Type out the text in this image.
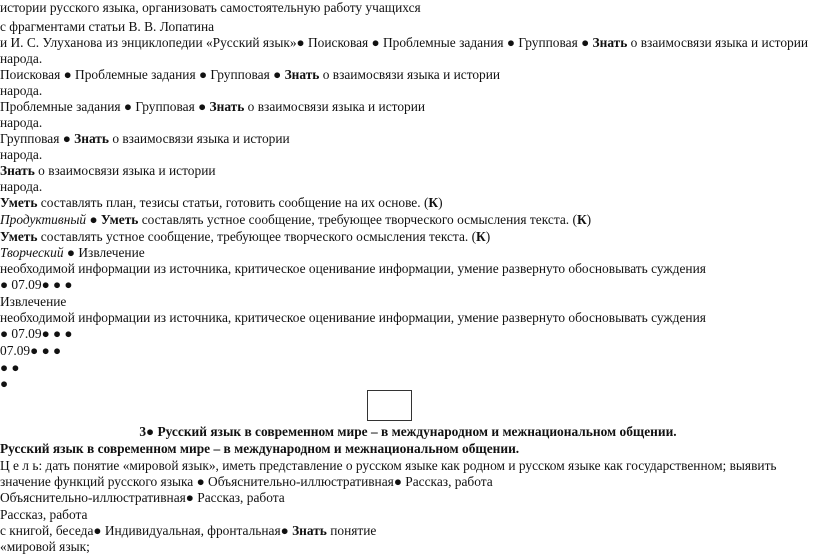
истории русского языка, организовать самостоятельную работу учащихся
с фрагментами статьи В. В. Лопатина
и И. С. Улуханова из энциклопедии «Русский язык»● Поисковая ● Проблемные задания ● Групповая ● Знать о взаимосвязи языка и истории
народа.
Поисковая ● Проблемные задания ● Групповая ● Знать о взаимосвязи языка и истории
народа.
Проблемные задания ● Групповая ● Знать о взаимосвязи языка и истории
народа.
Групповая ● Знать о взаимосвязи языка и истории
народа.
Знать о взаимосвязи языка и истории
народа.
Уметь составлять план, тезисы статьи, готовить сообщение на их основе. (К)
Продуктивный ● Уметь составлять устное сообщение, требующее творческого осмысления текста. (К)
Уметь составлять устное сообщение, требующее творческого осмысления текста. (К)
Творческий ● Извлечение
необходимой информации из источника, критическое оценивание информации, умение развернуто обосновывать суждения
● 07.09● ● ●
Извлечение
необходимой информации из источника, критическое оценивание информации, умение развернуто обосновывать суждения
● 07.09● ● ●
07.09● ● ●
● ●
●
3● Русский язык в современном мире – в международном и межнациональном общении.
Русский язык в современном мире – в международном и межнациональном общении.
Ц е л ь: дать понятие «мировой язык», иметь представление о русском языке как родном и русском языке как государственном; выявить
значение функций русского языка ● Объяснительно-иллюстративная● Рассказ, работа
Объяснительно-иллюстративная● Рассказ, работа
Рассказ, работа
с книгой, беседа● Индивидуальная, фронтальная● Знать понятие
«мировой язык;
